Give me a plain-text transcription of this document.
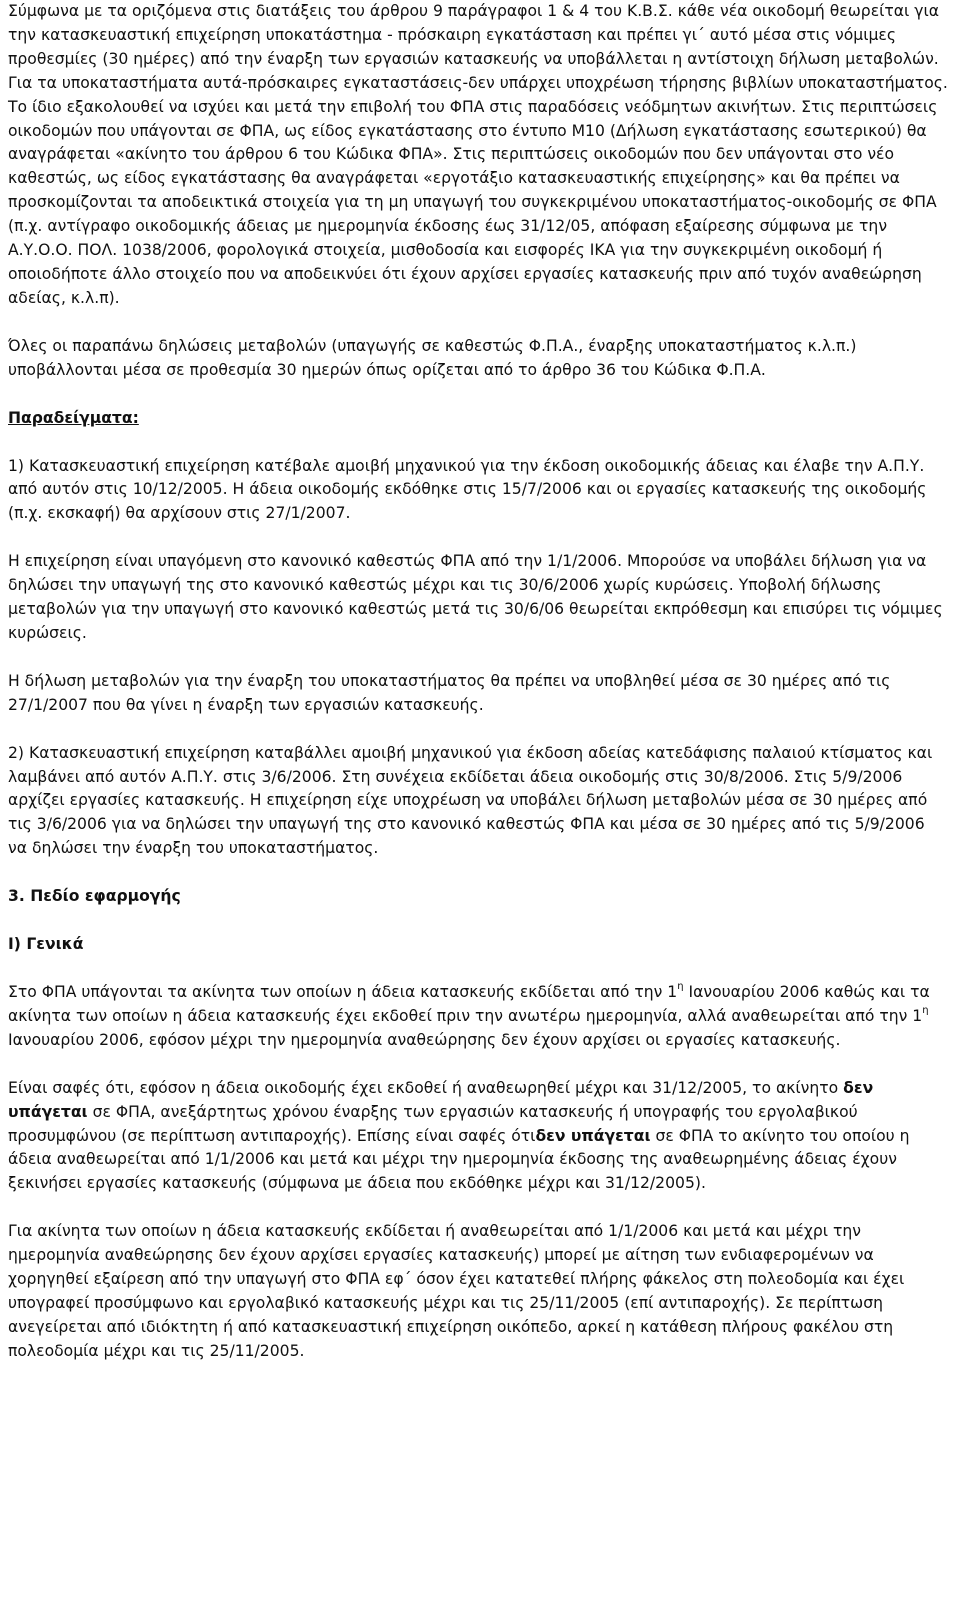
Σύμφωνα με τα οριζόμενα στις διατάξεις του άρθρου 9 παράγραφοι 1 & 4 του Κ.Β.Σ. κάθε νέα οικοδομή θεωρείται για την κατασκευαστική επιχείρηση υποκατάστημα - πρόσκαιρη εγκατάσταση και πρέπει γι΄ αυτό μέσα στις νόμιμες προθεσμίες (30 ημέρες) από την έναρξη των εργασιών κατασκευής να υποβάλλεται η αντίστοιχη δήλωση μεταβολών. Για τα υποκαταστήματα αυτά-πρόσκαιρες εγκαταστάσεις-δεν υπάρχει υποχρέωση τήρησης βιβλίων υποκαταστήματος. Το ίδιο εξακολουθεί να ισχύει και μετά την επιβολή του ΦΠΑ στις παραδόσεις νεόδμητων ακινήτων. Στις περιπτώσεις οικοδομών που υπάγονται σε ΦΠΑ, ως είδος εγκατάστασης στο έντυπο Μ10 (Δήλωση εγκατάστασης εσωτερικού) θα αναγράφεται «ακίνητο του άρθρου 6 του Κώδικα ΦΠΑ». Στις περιπτώσεις οικοδομών που δεν υπάγονται στο νέο καθεστώς, ως είδος εγκατάστασης θα αναγράφεται «εργοτάξιο κατασκευαστικής επιχείρησης» και θα πρέπει να προσκομίζονται τα αποδεικτικά στοιχεία για τη μη υπαγωγή του συγκεκριμένου υποκαταστήματος-οικοδομής σε ΦΠΑ (π.χ. αντίγραφο οικοδομικής άδειας με ημερομηνία έκδοσης έως 31/12/05, απόφαση εξαίρεσης σύμφωνα με την Α.Υ.Ο.Ο. ΠΟΛ. 1038/2006, φορολογικά στοιχεία, μισθοδοσία και εισφορές ΙΚΑ για την συγκεκριμένη οικοδομή ή οποιοδήποτε άλλο στοιχείο που να αποδεικνύει ότι έχουν αρχίσει εργασίες κατασκευής πριν από τυχόν αναθεώρηση αδείας, κ.λ.π).

Όλες οι παραπάνω δηλώσεις μεταβολών (υπαγωγής σε καθεστώς Φ.Π.Α., έναρξης υποκαταστήματος κ.λ.π.) υποβάλλονται μέσα σε προθεσμία 30 ημερών όπως ορίζεται από το άρθρο 36 του Κώδικα Φ.Π.Α.

Παραδείγματα:

1) Κατασκευαστική επιχείρηση κατέβαλε αμοιβή μηχανικού για την έκδοση οικοδομικής άδειας και έλαβε την Α.Π.Υ. από αυτόν στις 10/12/2005. Η άδεια οικοδομής εκδόθηκε στις 15/7/2006 και οι εργασίες κατασκευής της οικοδομής (π.χ. εκσκαφή) θα αρχίσουν στις 27/1/2007.

Η επιχείρηση είναι υπαγόμενη στο κανονικό καθεστώς ΦΠΑ από την 1/1/2006. Μπορούσε να υποβάλει δήλωση για να δηλώσει την υπαγωγή της στο κανονικό καθεστώς μέχρι και τις 30/6/2006 χωρίς κυρώσεις. Υποβολή δήλωσης μεταβολών για την υπαγωγή στο κανονικό καθεστώς μετά τις 30/6/06 θεωρείται εκπρόθεσμη και επισύρει τις νόμιμες κυρώσεις.

Η δήλωση μεταβολών για την έναρξη του υποκαταστήματος θα πρέπει να υποβληθεί μέσα σε 30 ημέρες από τις 27/1/2007 που θα γίνει η έναρξη των εργασιών κατασκευής.

2) Κατασκευαστική επιχείρηση καταβάλλει αμοιβή μηχανικού για έκδοση αδείας κατεδάφισης παλαιού κτίσματος και λαμβάνει από αυτόν Α.Π.Υ. στις 3/6/2006. Στη συνέχεια εκδίδεται άδεια οικοδομής στις 30/8/2006. Στις 5/9/2006 αρχίζει εργασίες κατασκευής. Η επιχείρηση είχε υποχρέωση να υποβάλει δήλωση μεταβολών μέσα σε 30 ημέρες από τις 3/6/2006 για να δηλώσει την υπαγωγή της στο κανονικό καθεστώς ΦΠΑ και μέσα σε 30 ημέρες από τις 5/9/2006 να δηλώσει την έναρξη του υποκαταστήματος.

3. Πεδίο εφαρμογής

Ι) Γενικά

Στο ΦΠΑ υπάγονται τα ακίνητα των οποίων η άδεια κατασκευής εκδίδεται από την $1^\eta$ Ιανουαρίου 2006 καθώς και τα ακίνητα των οποίων η άδεια κατασκευής έχει εκδοθεί πριν την ανωτέρω ημερομηνία, αλλά αναθεωρείται από την $1^\eta$ Ιανουαρίου 2006, εφόσον μέχρι την ημερομηνία αναθεώρησης δεν έχουν αρχίσει οι εργασίες κατασκευής.

Είναι σαφές ότι, εφόσον η άδεια οικοδομής έχει εκδοθεί ή αναθεωρηθεί μέχρι και 31/12/2005, το ακίνητο δεν υπάγεται σε ΦΠΑ, ανεξάρτητως χρόνου έναρξης των εργασιών κατασκευής ή υπογραφής του εργολαβικού προσυμφώνου (σε περίπτωση αντιπαροχής). Επίσης είναι σαφές ότιδεν υπάγεται σε ΦΠΑ το ακίνητο του οποίου η άδεια αναθεωρείται από 1/1/2006 και μετά και μέχρι την ημερομηνία έκδοσης της αναθεωρημένης άδειας έχουν ξεκινήσει εργασίες κατασκευής (σύμφωνα με άδεια που εκδόθηκε μέχρι και 31/12/2005).

Για ακίνητα των οποίων η άδεια κατασκευής εκδίδεται ή αναθεωρείται από 1/1/2006 και μετά και μέχρι την ημερομηνία αναθεώρησης δεν έχουν αρχίσει εργασίες κατασκευής) μπορεί με αίτηση των ενδιαφερομένων να χορηγηθεί εξαίρεση από την υπαγωγή στο ΦΠΑ εφ΄ όσον έχει κατατεθεί πλήρης φάκελος στη πολεοδομία και έχει υπογραφεί προσύμφωνο και εργολαβικό κατασκευής μέχρι και τις 25/11/2005 (επί αντιπαροχής). Σε περίπτωση ανεγείρεται από ιδιόκτητη ή από κατασκευαστική επιχείρηση οικόπεδο, αρκεί η κατάθεση πλήρους φακέλου στη πολεοδομία μέχρι και τις 25/11/2005.
